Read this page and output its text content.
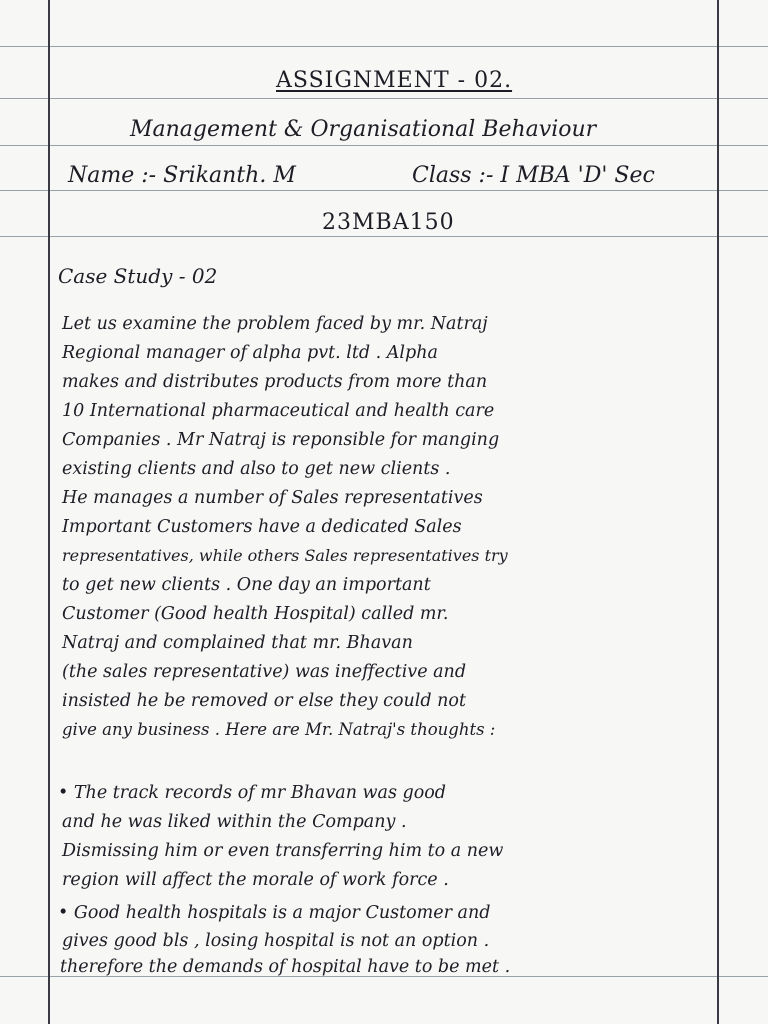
ASSIGNMENT - 02.
Management & Organisational Behaviour
Name :- Srikanth. M	Class :- I MBA 'D' Sec
23MBA150
Case Study - 02
Let us examine the problem faced by mr. Natraj
Regional manager of alpha pvt. ltd . Alpha
makes and distributes products from more than
10 International pharmaceutical and health care
Companies . Mr Natraj is reponsible for manging
existing clients and also to get new clients .
He manages a number of Sales representatives
Important Customers have a dedicated Sales
representatives, while others Sales representatives try
to get new clients . One day an important
Customer (Good health Hospital) called mr.
Natraj and complained that mr. Bhavan
(the sales representative) was ineffective and
insisted he be removed or else they could not
give any business . Here are Mr. Natraj's thoughts :
• The track records of mr Bhavan was good
and he was liked within the Company .
Dismissing him or even transferring him to a new
region will affect the morale of work force .
• Good health hospitals is a major Customer and
gives good bls , losing hospital is not an option .
therefore the demands of hospital have to be met .
